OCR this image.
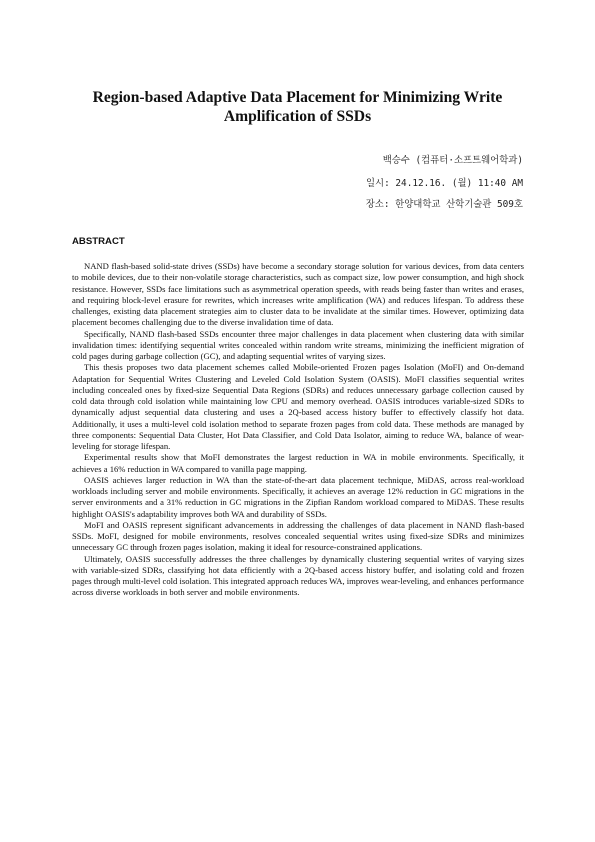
Region-based Adaptive Data Placement for Minimizing Write Amplification of SSDs
백승수 (컴퓨터·소프트웨어학과)
일시: 24.12.16. (월) 11:40 AM
장소: 한양대학교 산학기술관 509호
ABSTRACT

NAND flash-based solid-state drives (SSDs) have become a secondary storage solution for various devices, from data centers to mobile devices, due to their non-volatile storage characteristics, such as compact size, low power consumption, and high shock resistance. However, SSDs face limitations such as asymmetrical operation speeds, with reads being faster than writes and erases, and requiring block-level erasure for rewrites, which increases write amplification (WA) and reduces lifespan. To address these challenges, existing data placement strategies aim to cluster data to be invalidate at the similar times. However, optimizing data placement becomes challenging due to the diverse invalidation time of data.

Specifically, NAND flash-based SSDs encounter three major challenges in data placement when clustering data with similar invalidation times: identifying sequential writes concealed within random write streams, minimizing the inefficient migration of cold pages during garbage collection (GC), and adapting sequential writes of varying sizes.

This thesis proposes two data placement schemes called Mobile-oriented Frozen pages Isolation (MoFI) and On-demand Adaptation for Sequential Writes Clustering and Leveled Cold Isolation System (OASIS). MoFI classifies sequential writes including concealed ones by fixed-size Sequential Data Regions (SDRs) and reduces unnecessary garbage collection caused by cold data through cold isolation while maintaining low CPU and memory overhead. OASIS introduces variable-sized SDRs to dynamically adjust sequential data clustering and uses a 2Q-based access history buffer to effectively classify hot data. Additionally, it uses a multi-level cold isolation method to separate frozen pages from cold data. These methods are managed by three components: Sequential Data Cluster, Hot Data Classifier, and Cold Data Isolator, aiming to reduce WA, balance of wear-leveling for storage lifespan.

Experimental results show that MoFI demonstrates the largest reduction in WA in mobile environments. Specifically, it achieves a 16% reduction in WA compared to vanilla page mapping.

OASIS achieves larger reduction in WA than the state-of-the-art data placement technique, MiDAS, across real-workload workloads including server and mobile environments. Specifically, it achieves an average 12% reduction in GC migrations in the server environments and a 31% reduction in GC migrations in the Zipfian Random workload compared to MiDAS. These results highlight OASIS's adaptability improves both WA and durability of SSDs.

MoFI and OASIS represent significant advancements in addressing the challenges of data placement in NAND flash-based SSDs. MoFI, designed for mobile environments, resolves concealed sequential writes using fixed-size SDRs and minimizes unnecessary GC through frozen pages isolation, making it ideal for resource-constrained applications.

Ultimately, OASIS successfully addresses the three challenges by dynamically clustering sequential writes of varying sizes with variable-sized SDRs, classifying hot data efficiently with a 2Q-based access history buffer, and isolating cold and frozen pages through multi-level cold isolation. This integrated approach reduces WA, improves wear-leveling, and enhances performance across diverse workloads in both server and mobile environments.
